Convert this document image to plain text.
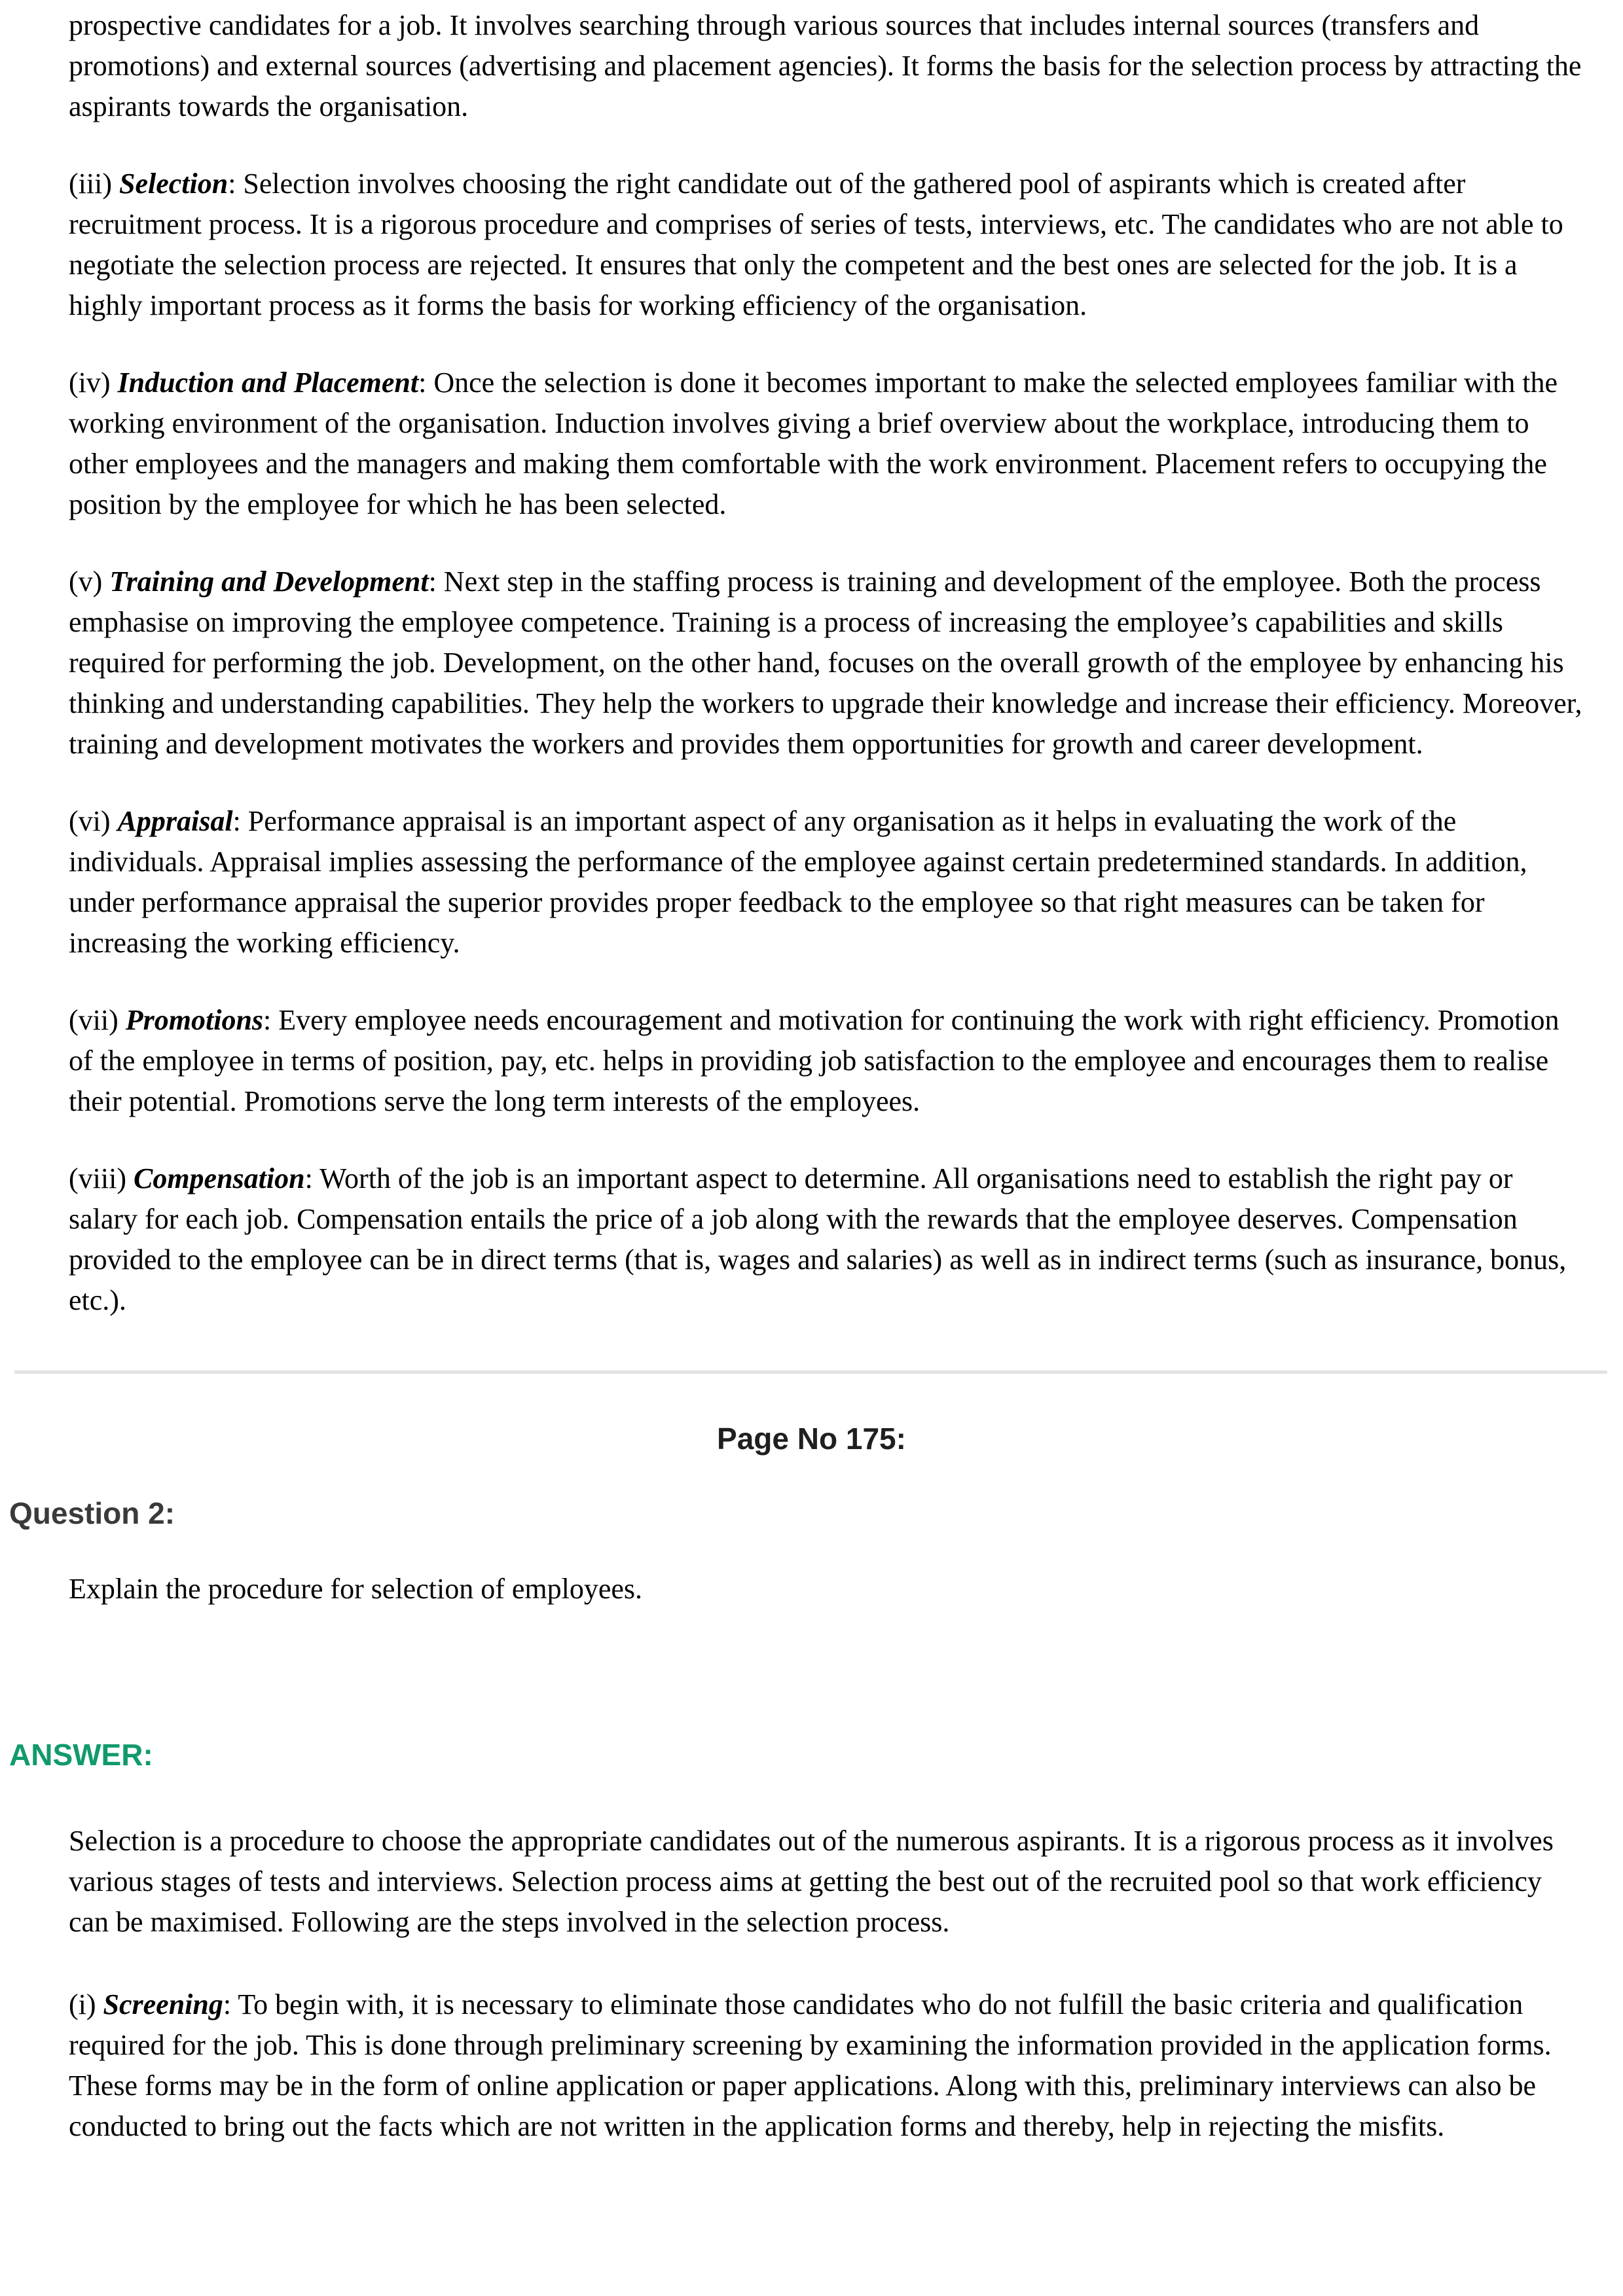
prospective candidates for a job. It involves searching through various sources that includes internal sources (transfers and promotions) and external sources (advertising and placement agencies). It forms the basis for the selection process by attracting the aspirants towards the organisation.

(iii) Selection: Selection involves choosing the right candidate out of the gathered pool of aspirants which is created after recruitment process. It is a rigorous procedure and comprises of series of tests, interviews, etc. The candidates who are not able to negotiate the selection process are rejected. It ensures that only the competent and the best ones are selected for the job. It is a highly important process as it forms the basis for working efficiency of the organisation.

(iv) Induction and Placement: Once the selection is done it becomes important to make the selected employees familiar with the working environment of the organisation. Induction involves giving a brief overview about the workplace, introducing them to other employees and the managers and making them comfortable with the work environment. Placement refers to occupying the position by the employee for which he has been selected.

(v) Training and Development: Next step in the staffing process is training and development of the employee. Both the process emphasise on improving the employee competence. Training is a process of increasing the employee’s capabilities and skills required for performing the job. Development, on the other hand, focuses on the overall growth of the employee by enhancing his thinking and understanding capabilities. They help the workers to upgrade their knowledge and increase their efficiency. Moreover, training and development motivates the workers and provides them opportunities for growth and career development.

(vi) Appraisal: Performance appraisal is an important aspect of any organisation as it helps in evaluating the work of the individuals. Appraisal implies assessing the performance of the employee against certain predetermined standards. In addition, under performance appraisal the superior provides proper feedback to the employee so that right measures can be taken for increasing the working efficiency.

(vii) Promotions: Every employee needs encouragement and motivation for continuing the work with right efficiency. Promotion of the employee in terms of position, pay, etc. helps in providing job satisfaction to the employee and encourages them to realise their potential. Promotions serve the long term interests of the employees.

(viii) Compensation: Worth of the job is an important aspect to determine. All organisations need to establish the right pay or salary for each job. Compensation entails the price of a job along with the rewards that the employee deserves. Compensation provided to the employee can be in direct terms (that is, wages and salaries) as well as in indirect terms (such as insurance, bonus, etc.).

Page No 175:
Question 2:

Explain the procedure for selection of employees.

ANSWER:

Selection is a procedure to choose the appropriate candidates out of the numerous aspirants. It is a rigorous process as it involves various stages of tests and interviews. Selection process aims at getting the best out of the recruited pool so that work efficiency can be maximised. Following are the steps involved in the selection process.

(i) Screening: To begin with, it is necessary to eliminate those candidates who do not fulfill the basic criteria and qualification required for the job. This is done through preliminary screening by examining the information provided in the application forms. These forms may be in the form of online application or paper applications. Along with this, preliminary interviews can also be conducted to bring out the facts which are not written in the application forms and thereby, help in rejecting the misfits.
